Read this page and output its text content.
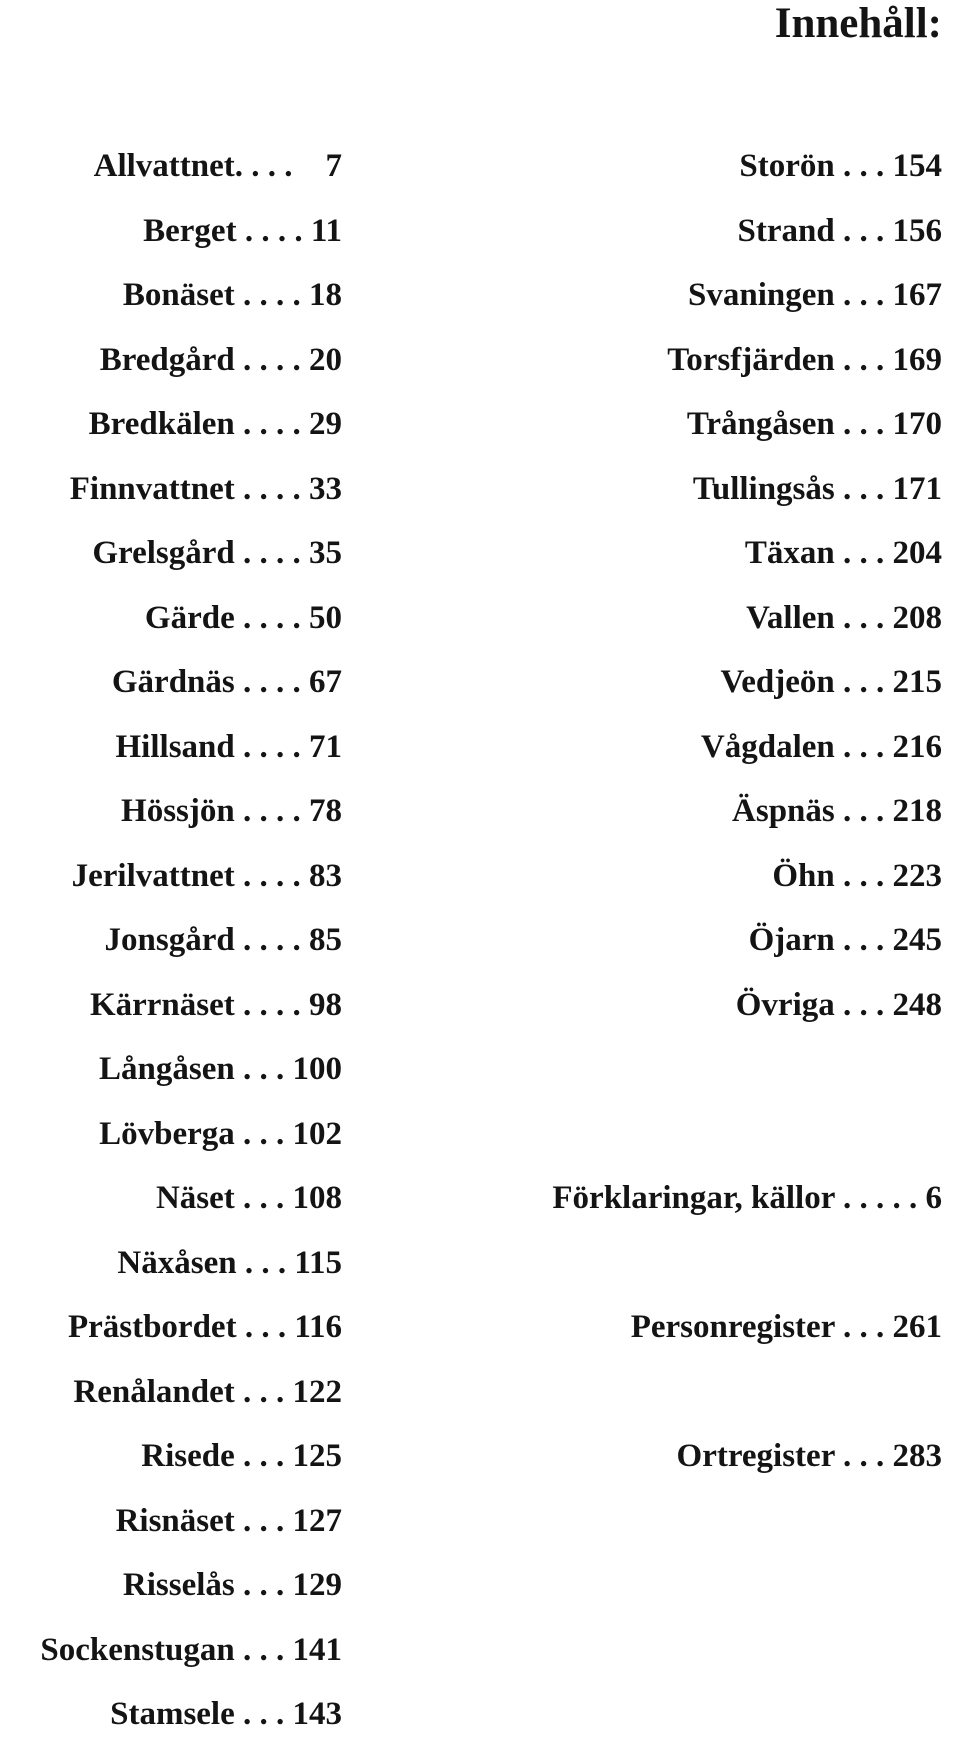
Innehåll:
Allvattnet. . . .    7
Berget . . . . 11
Bonäset . . . . 18
Bredgård . . . . 20
Bredkälen . . . . 29
Finnvattnet . . . . 33
Grelsgård . . . . 35
Gärde . . . . 50
Gärdnäs . . . . 67
Hillsand . . . . 71
Hössjön . . . . 78
Jerilvattnet . . . . 83
Jonsgård . . . . 85
Kärrnäset . . . . 98
Långåsen . . . 100
Lövberga . . . 102
Näset . . . 108
Näxåsen . . . 115
Prästbordet . . . 116
Renålandet . . . 122
Risede . . . 125
Risnäset . . . 127
Risselås . . . 129
Sockenstugan . . . 141
Stamsele . . . 143
Storön . . . 154
Strand . . . 156
Svaningen . . . 167
Torsfjärden . . . 169
Trångåsen . . . 170
Tullingsås . . . 171
Täxan . . . 204
Vallen . . . 208
Vedjeön . . . 215
Vågdalen . . . 216
Äspnäs . . . 218
Öhn . . . 223
Öjarn . . . 245
Övriga . . . 248
Förklaringar, källor . . . . . 6
Personregister . . . 261
Ortregister . . . 283
